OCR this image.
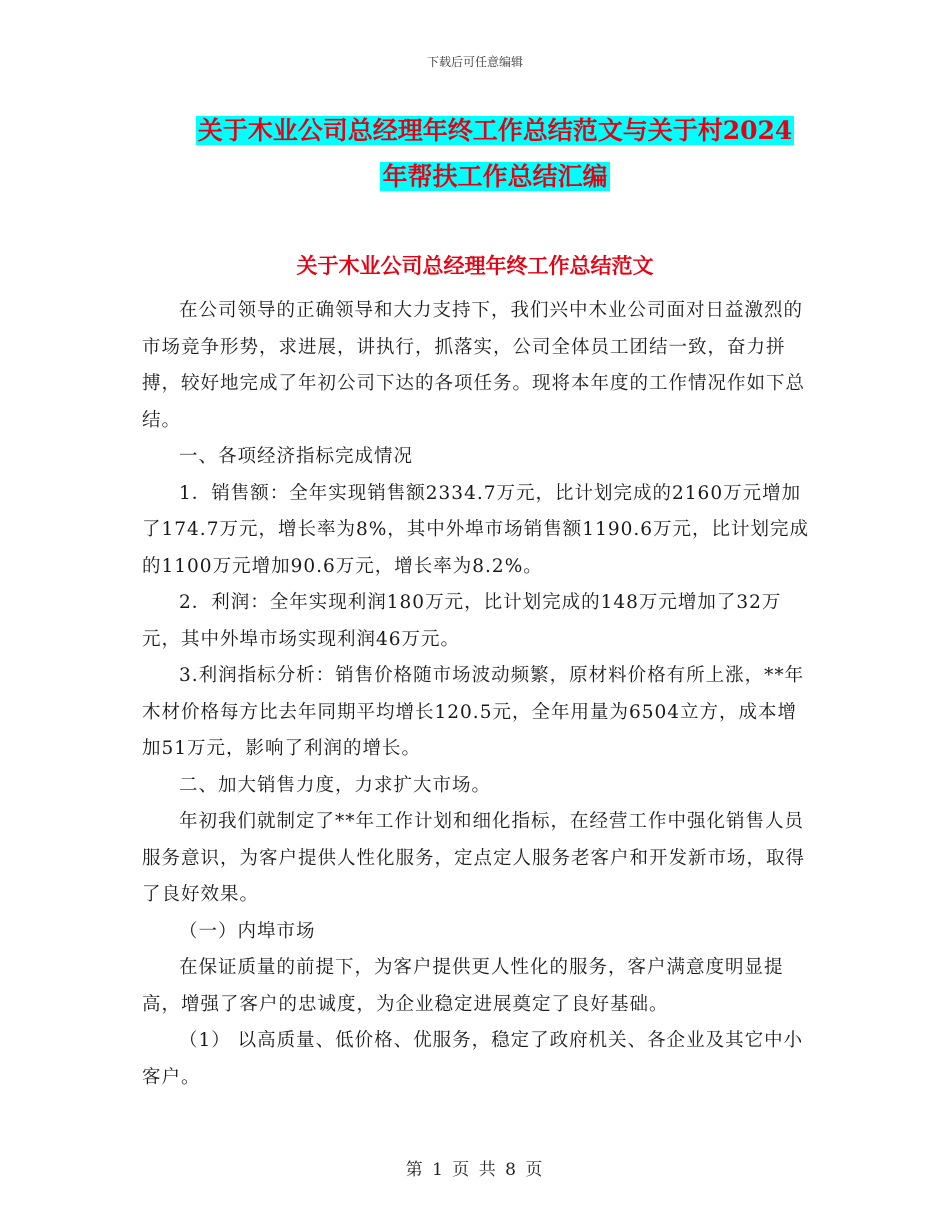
下载后可任意编辑
关于木业公司总经理年终工作总结范文与关于村2024
年帮扶工作总结汇编
关于木业公司总经理年终工作总结范文

在公司领导的正确领导和大力支持下，我们兴中木业公司面对日益激烈的市场竞争形势，求进展，讲执行，抓落实，公司全体员工团结一致，奋力拼搏，较好地完成了年初公司下达的各项任务。现将本年度的工作情况作如下总结。

一、各项经济指标完成情况

1．销售额：全年实现销售额2334.7万元，比计划完成的2160万元增加了174.7万元，增长率为8%，其中外埠市场销售额1190.6万元，比计划完成的1100万元增加90.6万元，增长率为8.2%。

2．利润：全年实现利润180万元，比计划完成的148万元增加了32万元，其中外埠市场实现利润46万元。

3.利润指标分析：销售价格随市场波动频繁，原材料价格有所上涨，**年木材价格每方比去年同期平均增长120.5元，全年用量为6504立方，成本增加51万元，影响了利润的增长。

二、加大销售力度，力求扩大市场。

年初我们就制定了**年工作计划和细化指标，在经营工作中强化销售人员服务意识，为客户提供人性化服务，定点定人服务老客户和开发新市场，取得了良好效果。

（一）内埠市场

在保证质量的前提下，为客户提供更人性化的服务，客户满意度明显提高，增强了客户的忠诚度，为企业稳定进展奠定了良好基础。

（1） 以高质量、低价格、优服务，稳定了政府机关、各企业及其它中小客户。

第 1 页 共 8 页
